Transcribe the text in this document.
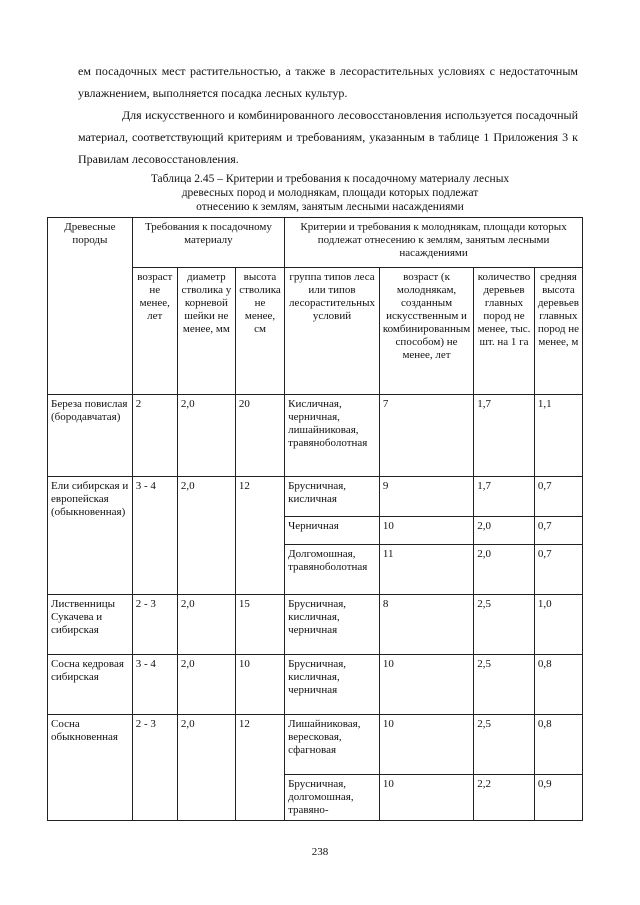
ем посадочных мест растительностью, а также в лесорастительных условиях с недостаточным увлажнением, выполняется посадка лесных культур.

Для искусственного и комбинированного лесовосстановления используется посадочный материал, соответствующий критериям и требованиям, указанным в таблице 1 Приложения 3 к Правилам лесовосстановления.

Таблица 2.45 – Критерии и требования к посадочному материалу лесных
древесных пород и молоднякам, площади которых подлежат
отнесению к землям, занятым лесными насаждениями

Древесные породы	Требования к посадочному материалу			Критерии и требования к молоднякам, площади которых подлежат отнесению к землям, занятым лесными насаждениями			
	возраст не менее, лет	диаметр стволика у корневой шейки не менее, мм	высота стволика не менее, см	группа типов леса или типов лесорастительных условий	возраст (к молоднякам, созданным искусственным и комбинированным способом) не менее, лет	количество деревьев главных пород не менее, тыс. шт. на 1 га	средняя высота деревьев главных пород не менее, м
Береза повислая (бородавчатая)	2	2,0	20	Кисличная, черничная, лишайниковая, травяноболотная	7	1,7	1,1
Ели сибирская и европейская (обыкновенная)	3 - 4	2,0	12	Брусничная, кисличная	9	1,7	0,7
				Черничная	10	2,0	0,7
				Долгомошная, травяноболотная	11	2,0	0,7
Лиственницы Сукачева и сибирская	2 - 3	2,0	15	Брусничная, кисличная, черничная	8	2,5	1,0
Сосна кедровая сибирская	3 - 4	2,0	10	Брусничная, кисличная, черничная	10	2,5	0,8
Сосна обыкновенная	2 - 3	2,0	12	Лишайниковая, вересковая, сфагновая	10	2,5	0,8
				Брусничная, долгомошная, травяно-	10	2,2	0,9
238
